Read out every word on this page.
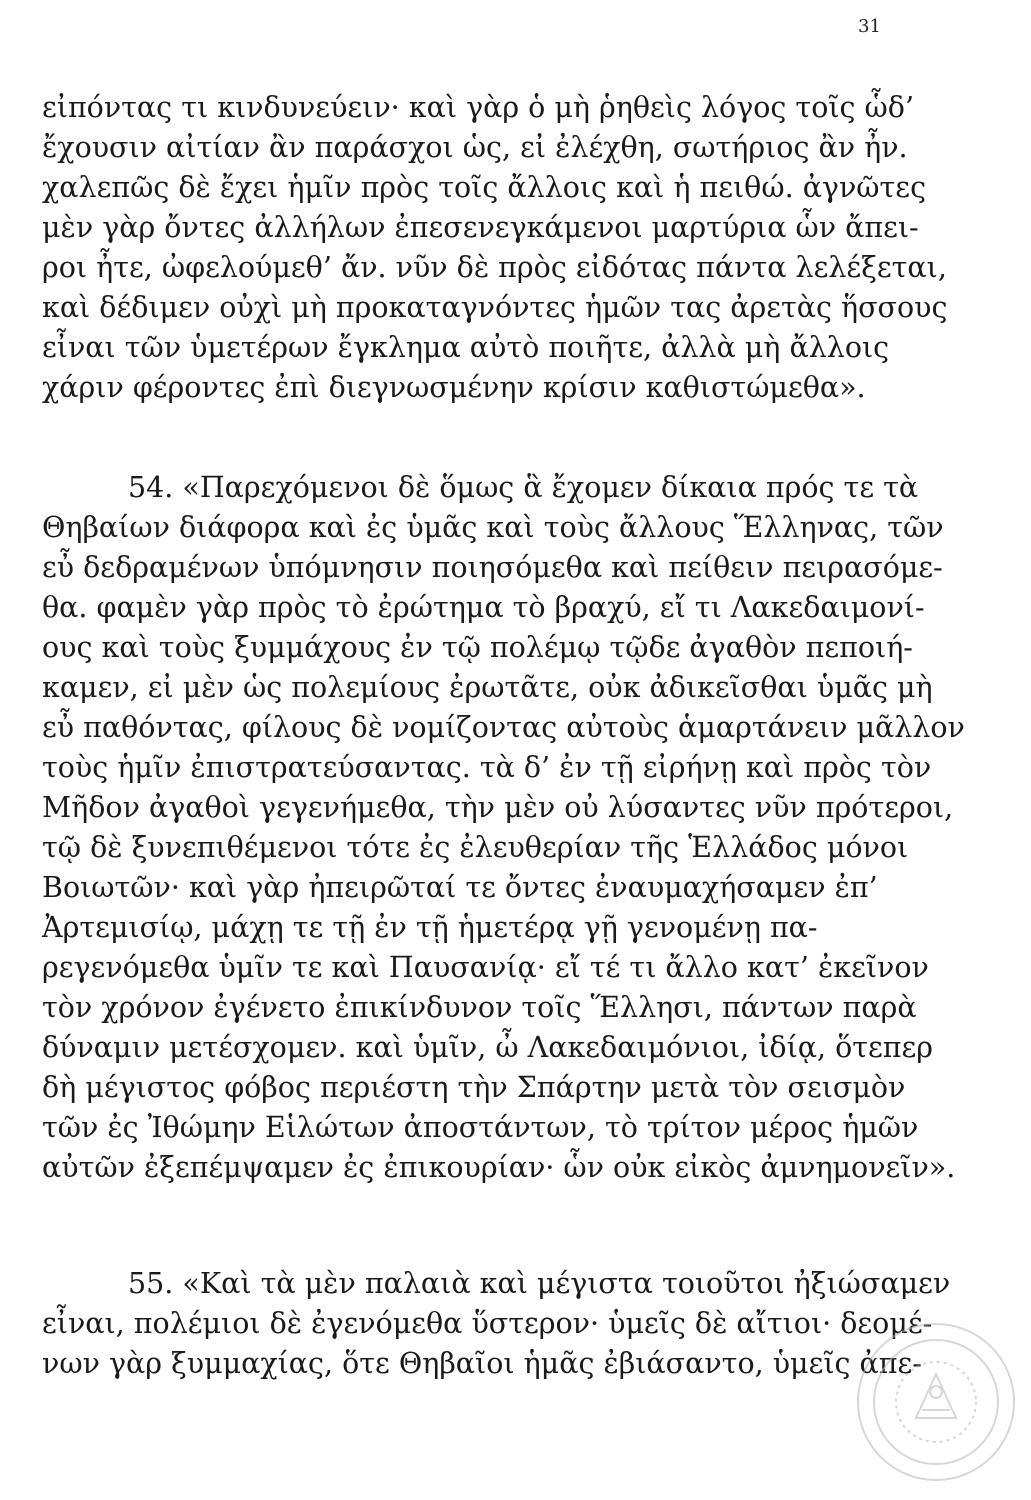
31
εἰπόντας τι κινδυνεύειν· καὶ γὰρ ὁ μὴ ῥηθεὶς λόγος τοῖς ὧδ’
ἔχουσιν αἰτίαν ἂν παράσχοι ὡς, εἰ ἐλέχθη, σωτήριος ἂν ἦν.
χαλεπῶς δὲ ἔχει ἡμῖν πρὸς τοῖς ἄλλοις καὶ ἡ πειθώ. ἀγνῶτες
μὲν γὰρ ὄντες ἀλλήλων ἐπεσενεγκάμενοι μαρτύρια ὧν ἄπει-
ροι ἦτε, ὠφελούμεθ’ ἄν. νῦν δὲ πρὸς εἰδότας πάντα λελέξεται,
καὶ δέδιμεν οὐχὶ μὴ προκαταγνόντες ἡμῶν τας ἀρετὰς ἥσσους
εἶναι τῶν ὑμετέρων ἔγκλημα αὐτὸ ποιῆτε, ἀλλὰ μὴ ἄλλοις
χάριν φέροντες ἐπὶ διεγνωσμένην κρίσιν καθιστώμεθα».
54. «Παρεχόμενοι δὲ ὅμως ἃ ἔχομεν δίκαια πρός τε τὰ
Θηβαίων διάφορα καὶ ἐς ὑμᾶς καὶ τοὺς ἄλλους Ἕλληνας, τῶν
εὖ δεδραμένων ὑπόμνησιν ποιησόμεθα καὶ πείθειν πειρασόμε-
θα. φαμὲν γὰρ πρὸς τὸ ἐρώτημα τὸ βραχύ, εἴ τι Λακεδαιμονί-
ους καὶ τοὺς ξυμμάχους ἐν τῷ πολέμῳ τῷδε ἀγαθὸν πεποιή-
καμεν, εἰ μὲν ὡς πολεμίους ἐρωτᾶτε, οὐκ ἀδικεῖσθαι ὑμᾶς μὴ
εὖ παθόντας, φίλους δὲ νομίζοντας αὐτοὺς ἁμαρτάνειν μᾶλλον
τοὺς ἡμῖν ἐπιστρατεύσαντας. τὰ δ’ ἐν τῇ εἰρήνῃ καὶ πρὸς τὸν
Μῆδον ἀγαθοὶ γεγενήμεθα, τὴν μὲν οὐ λύσαντες νῦν πρότεροι,
τῷ δὲ ξυνεπιθέμενοι τότε ἐς ἐλευθερίαν τῆς Ἑλλάδος μόνοι
Βοιωτῶν· καὶ γὰρ ἠπειρῶταί τε ὄντες ἐναυμαχήσαμεν ἐπ’
Ἀρτεμισίῳ, μάχῃ τε τῇ ἐν τῇ ἡμετέρᾳ γῇ γενομένῃ πα-
ρεγενόμεθα ὑμῖν τε καὶ Παυσανίᾳ· εἴ τέ τι ἄλλο κατ’ ἐκεῖνον
τὸν χρόνον ἐγένετο ἐπικίνδυνον τοῖς Ἕλλησι, πάντων παρὰ
δύναμιν μετέσχομεν. καὶ ὑμῖν, ὦ Λακεδαιμόνιοι, ἰδίᾳ, ὅτεπερ
δὴ μέγιστος φόβος περιέστη τὴν Σπάρτην μετὰ τὸν σεισμὸν
τῶν ἐς Ἰθώμην Εἱλώτων ἀποστάντων, τὸ τρίτον μέρος ἡμῶν
αὐτῶν ἐξεπέμψαμεν ἐς ἐπικουρίαν· ὧν οὐκ εἰκὸς ἀμνημονεῖν».
55. «Καὶ τὰ μὲν παλαιὰ καὶ μέγιστα τοιοῦτοι ἠξιώσαμεν
εἶναι, πολέμιοι δὲ ἐγενόμεθα ὕστερον· ὑμεῖς δὲ αἴτιοι· δεομέ-
νων γὰρ ξυμμαχίας, ὅτε Θηβαῖοι ἡμᾶς ἐβιάσαντο, ὑμεῖς ἀπε-
